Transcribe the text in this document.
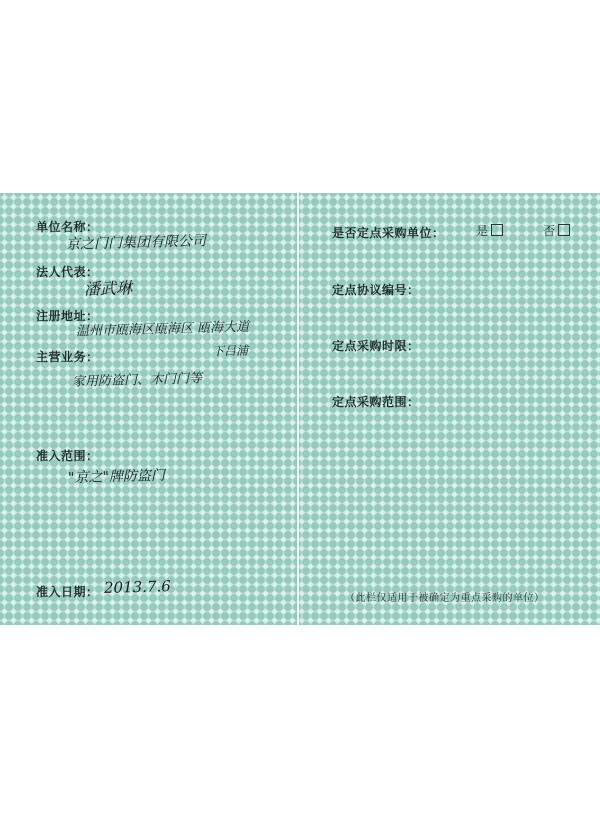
单位名称：
京之门门集团有限公司
法人代表：
潘武琳
注册地址：
温州市瓯海区瓯海区 瓯海大道
下吕浦
主营业务：
家用防盗门、木门门等
准入范围：
"京之"牌防盗门
准入日期： 2013.7.6
是否定点采购单位：	是	否
定点协议编号：
定点采购时限：
定点采购范围：
（此栏仅适用于被确定为重点采购的单位）
